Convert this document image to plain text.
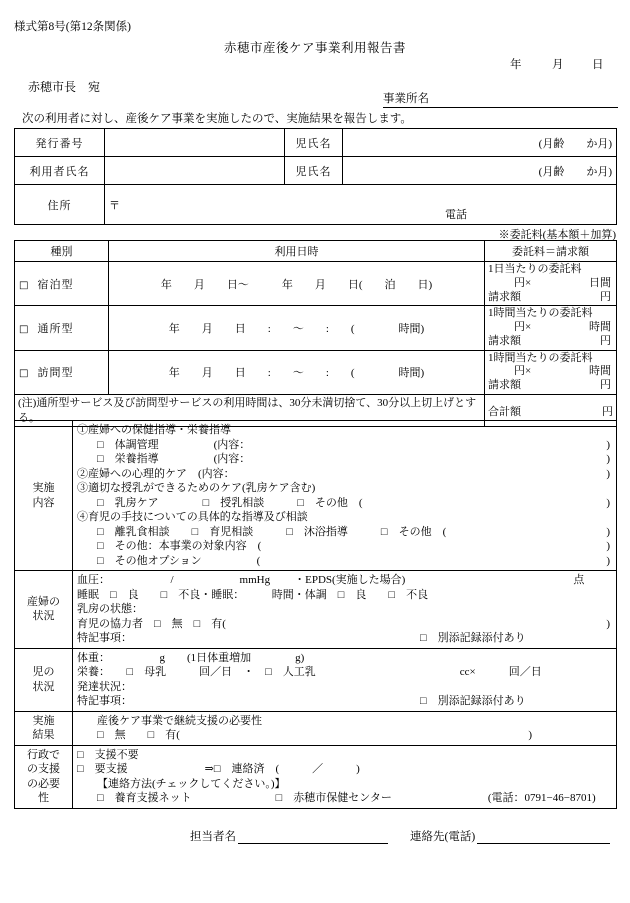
様式第8号(第12条関係)
赤穂市産後ケア事業利用報告書
年	月 日
赤穂市長　宛
事業所名
次の利用者に対し、産後ケア事業を実施したので、実施結果を報告します。
発行番号		児氏名	(月齢　　か月)
利用者氏名		児氏名	(月齢　　か月)
住所	〒
電話		
※委託料(基本額＋加算)
種別	利用日時	委託料＝請求額
□ 宿泊型	年　　月　　日〜　　　年　　月　　日(　　泊　　日)	1日当たりの委託料
円× 日間
請求額 円

□ 通所型	年　　月　　日　　:　　〜　　:　　(　　　　時間)	1時間当たりの委託料
円× 時間
請求額 円

□ 訪問型	年　　月　　日　　:　　〜　　:　　(　　　　時間)	1時間当たりの委託料
円× 時間
請求額 円

(注)通所型サービス及び訪問型サービスの利用時間は、30分未満切捨て、30分以上切上げとする。		合計額 円
実施
内容

①産婦への保健指導・栄養指導
□　体調管理　　　　　(内容：	)
□　栄養指導　　　　　(内容：	)
②産婦への心理的ケア　(内容：	)
③適切な授乳ができるためのケア(乳房ケア含む)
□　乳房ケア　　　　□　授乳相談　　　□　その他　(	)
④育児の手技についての具体的な指導及び相談
□　離乳食相談　　□　育児相談　　　□　沐浴指導　　　□　その他　(	)
□　その他：本事業の対象内容　(	)
□　その他オプション　　　　　(	)

産婦の
状況

血圧：　　　　　　/　　　　　　mmHg ・EPDS(実施した場合)	点
睡眠　□　良　　□　不良・睡眠：　　　時間・体調　□　良　　□　不良
乳房の状態：
育児の協力者　□　無　□　有(	)
特記事項：	□　別添記録添付あり

児の
状況

体重：　　　　　g　　(1日体重増加　　　　g)
栄養：　　□　母乳　　　回／日　・　□　人工乳	cc×　　　回／日
発達状況：
特記事項：	□　別添記録添付あり

実施
結果

産後ケア事業で継続支援の必要性
□　無　　□　有(	)

行政で
の支援
の必要
性

□　支援不要
□　要支援　　　　　　　⇒□　連絡済　(　　　／　　　)
【連絡方法(チェックしてください。)】
□　養育支援ネット	□　赤穂市保健センター	(電話：0791−46−8701)
担当者名	連絡先(電話)
